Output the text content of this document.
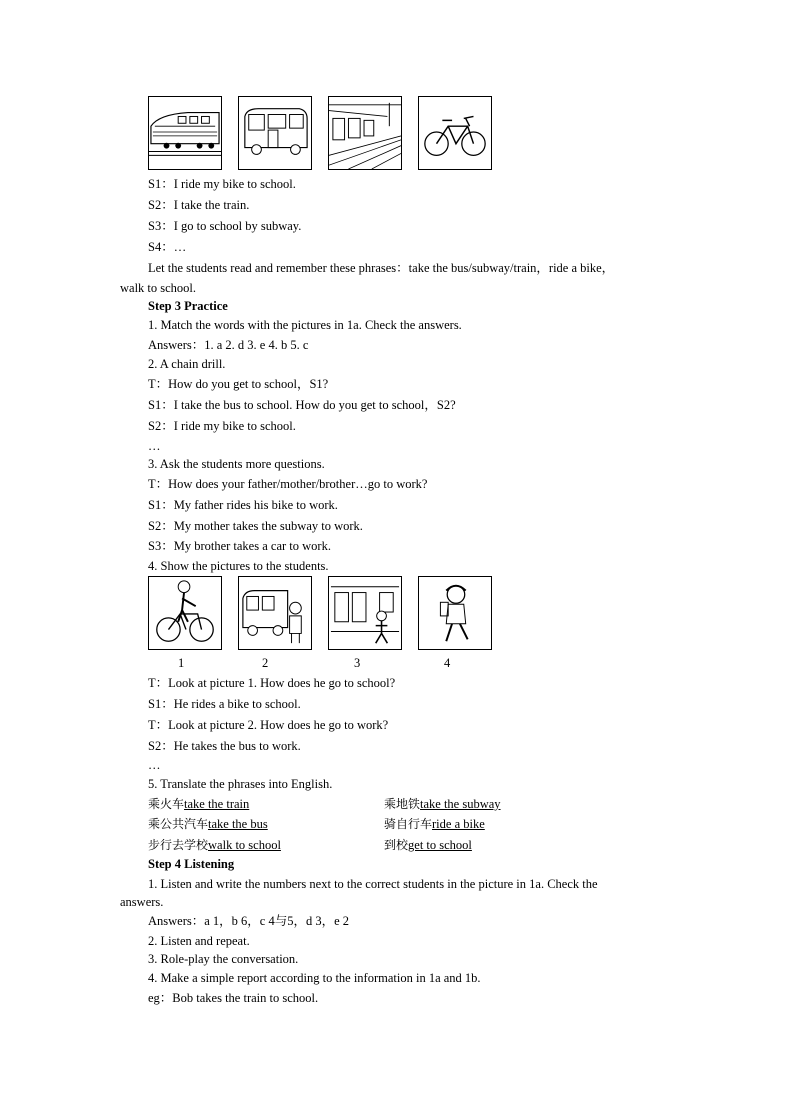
S1：I ride my bike to school.
S2：I take the train.
S3：I go to school by subway.
S4：…
Let the students read and remember these phrases：take the bus/subway/train，ride a bike，
walk to school.
Step 3 Practice
1. Match the words with the pictures in 1a. Check the answers.
Answers：1. a 2. d 3. e 4. b 5. c
2. A chain drill.
T：How do you get to school，S1?
S1：I take the bus to school. How do you get to school，S2?
S2：I ride my bike to school.
…
3. Ask the students more questions.
T：How does your father/mother/brother…go to work?
S1：My father rides his bike to work.
S2：My mother takes the subway to work.
S3：My brother takes a car to work.
4. Show the pictures to the students.
1	2	3	4
T：Look at picture 1. How does he go to school?
S1：He rides a bike to school.
T：Look at picture 2. How does he go to work?
S2：He takes the bus to work.
…
5. Translate the phrases into English.
乘火车take the train	乘地铁take the subway
乘公共汽车take the bus	骑自行车ride a bike
步行去学校walk to school	到校get to school
Step 4 Listening
1. Listen and write the numbers next to the correct students in the picture in 1a. Check the
answers.
Answers：a 1，b 6，c 4与5，d 3，e 2
2. Listen and repeat.
3. Role-play the conversation.
4. Make a simple report according to the information in 1a and 1b.
eg：Bob takes the train to school.
